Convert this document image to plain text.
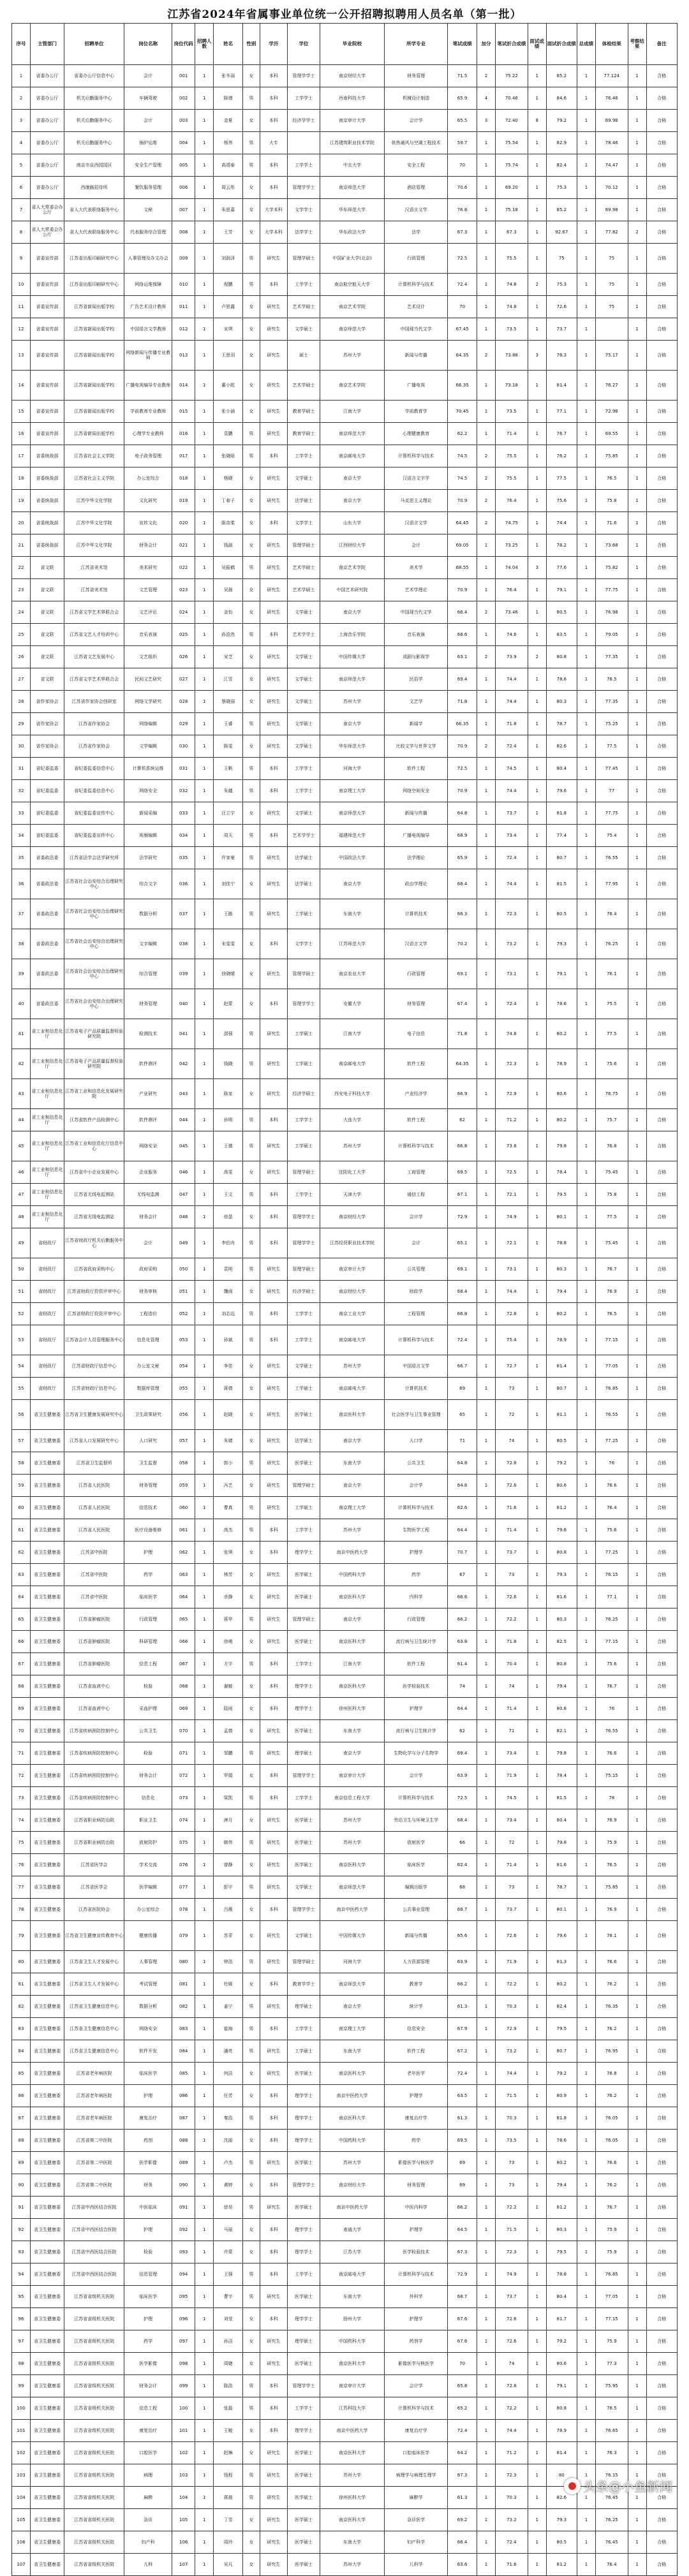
江苏省2024年省属事业单位统一公开招聘拟聘用人员名单（第一批）
序号	主管部门	招聘单位	岗位名称	岗位代码	招聘人数	姓名	性别	学历	学位	毕业院校	所学专业	笔试成绩	加分	笔试折合成绩	面试成绩	面试折合成绩	总成绩	体检结果	考察结果	备注
1	省委办公厅	省委办公厅信息中心	会计	001	1	张冬丽	女	本科	管理学学士	南京财经大学	财务管理	71.5	2	75.22	1	85.2	1	77.124	1	合格
2	省委办公厅	机关后勤服务中心	车辆驾驶	002	1	陈增	男	本科	工学学士	西南科技大学	机械设计制造	65.9	4	70.46	1	84.6	1	76.46	1	合格
3	省委办公厅	机关后勤服务中心	会计	003	1	金夏	女	本科	经济学学士	南京审计大学	会计学	65.5	3	72.40	8	79.2	1	69.98	1	合格
4	省委办公厅	机关后勤服务中心	锅炉运维	004	1	杨伟	男	大专		江苏建筑职业技术学院	供热通风与空调工程技术	59.7	1	75.54	1	82.9	1	78.46	1	合格
5	省委办公厅	南京市京西园园区	安全生产管理	005	1	高靖泰	男	本科	工学学士	中北大学	安全工程	70	1	75.74	1	82.4	1	74.47	1	合格
6	省委办公厅	西康路招待所	餐饮服务管理	006	1	周云彤	女	本科	管理学学士	南京师范大学	酒店管理	70.6	1	69.20	1	75.3	1	70.12	1	合格
7	省人大常委会办公厅	省人大代表联络服务中心	文秘	007	1	朱思嘉	女	大学本科	文学学士	华东师范大学	汉语言文学	76.8	1	75.18	1	85.2	1	69.98	1	合格
8	省人大常委会办公厅	省人大代表联络服务中心	代表服务综合管理	008	1	王芳	女	大学本科	法学学士	华东政法大学	法学	67.3	1	67.3	1	92.67	1	77.82	2	合格
9	省委宣传部	江苏省出版印刷研究中心	人事管理及办文办会	009	1	刘润泽	男	研究生	管理学硕士	中国矿业大学(北京)	行政管理	72.5	1	75.5	1	75	1	75	1	合格
10	省委宣传部	江苏省出版印刷研究中心	网络运维保障	010	1	倪鹏	男	本科	工学学士	南京航空航天大学	计算机科学与技术	72.4	1	74.8	2	75.3	1	75	1	合格
11	省委宣传部	江苏省新闻出版学校	广告艺术设计教师	011	1	卢思露	女	研究生	艺术学硕士	南京艺术学院	艺术设计	70	1	74.8	1	72.6	1	75	1	合格
12	省委宣传部	江苏省新闻出版学校	中国语言文学教师	012	1	宋琪	女	研究生	文学硕士	南京师范大学	中国现当代文学	67.45	1	73.5	1	73.7	1		1	合格
13	省委宣传部	江苏省新闻出版学校	网络新闻与传播专业教师	013	1	王思羽	女	研究生	硕士	苏州大学	新闻与传播	64.35	2	73.86	3	76.3	1	75.17	1	合格
14	省委宣传部	江苏省新闻出版学校	广播电视编导专业教师	014	1	董小欧	女	研究生	艺术学硕士	南京艺术学院	广播电视	66.35	1	73.18	1	81.4	1	76.27	1	合格
15	省委宣传部	江苏省新闻出版学校	学前教育专业教师	015	1	张小涵	女	研究生	教育学硕士	江南大学	学前教育学	70.45	1	73.5	1	77.1	1	72.98	1	合格
16	省委宣传部	江苏省新闻出版学校	心理学专业教师	016	1	袁鹏	男	研究生	教育学硕士	南京师范大学	心理健康教育	62.2	1	71.4	1	76.7	1	69.55	1	合格
17	省委统战部	江苏省社会主义学院	电子政务管理	017	1	张晓晗	男	本科	工学学士	南京邮电大学	计算机科学与技术	74.5	2	75.5	1	76.2	1	75.85	1	合格
18	省委统战部	江苏省社会主义学院	办公室综合	018	1	杨晓	女	研究生	文学硕士	南京大学	汉语言文字学	74.5	2	75.5	1	77.5	1	76.5	1	合格
19	省委统战部	江苏中华文化学院	文化研究	019	1	丁春子	女	研究生	法学硕士	南京大学	马克思主义理论	70.9	2	76.4	1	75.6	1	75.8	1	合格
20	省委统战部	江苏中华文化学院	宣传文化	020	1	陈彦柔	女	本科	文学学士	山东大学	汉语言文学	64.45	2	74.75	1	74.4	1	71.6	1	合格
21	省委统战部	江苏中华文化学院	财务会计	021	1	钱淑	女	研究生	管理学硕士	江西财经大学	会计	69.05	1	73.25	1	78.2	1	73.68	1	合格
22	省文联	江苏省美术馆	美术研究	022	1	吴振鹤	男	研究生	艺术学硕士	南京艺术学院	美术学	68.55	1	74.04	3	77.6	1	75.82	1	合格
23	省文联	江苏省美术馆	文艺管理	023	1	吴晨	女	研究生	艺术学硕士	中国艺术研究院	艺术学理论	70.9	1	76.4	1	79.1	1	77.75	1	合格
24	省文联	江苏省文学艺术界联合会	文艺评论	024	1	金怡	女	研究生	文学硕士	南京大学	中国现当代文学	66.4	2	73.46	1	80.5	1	76.98	1	合格
25	省文联	江苏省文艺人才培训中心	音乐表演	025	1	孙浩然	男	本科	艺术学学士	上海音乐学院	音乐表演	68.6	1	74.6	1	83.5	1	79.05	1	合格
26	省文联	江苏省文艺发展中心	文艺组织	026	1	宋芝	女	研究生	文学硕士	中国传媒大学	戏剧与影视学	63.1	2	73.9	2	80.8	1	77.35	1	合格
27	省文联	江苏省文学艺术界联合会	民间文艺研究	027	1	江雪	女	研究生	文学硕士	南京师范大学	民俗学	69.4	1	74.4	1	78.6	1	76.5	1	合格
28	省作家协会	江苏省作家协会创研室	网络文学研究	028	1	蔡晓丽	女	研究生	文学硕士	苏州大学	文艺学	71.8	1	74.4	1	80.3	1	77.35	1	合格
29	省作家协会	江苏省作家协会	网络编辑	029	1	王睿	男	研究生	文学硕士	南京大学	新闻学	66.35	1	71.8	1	78.7	1	75.25	1	合格
30	省作家协会	江苏省作家协会	文学编辑	030	1	陈雯	女	研究生	文学硕士	华东师范大学	比较文学与世界文学	70.9	2	72.4	1	82.6	1	77.5	1	合格
31	省纪委监委	省纪委监委信息中心	计算机系统运维	031	1	王帆	男	本科	工学学士	河海大学	软件工程	72.5	1	74.5	1	80.4	1	77.45	1	合格
32	省纪委监委	省纪委监委信息中心	网络安全	032	1	朱越	男	本科	工学学士	南京理工大学	网络空间安全	70.9	1	74.4	1	79.6	1	77	1	合格
33	省纪委监委	省纪委监委宣传中心	新闻采编	033	1	汪立宇	女	研究生	文学硕士	南京师范大学	新闻与传播	64.8	1	73.7	1	81.8	1	77.75	1	合格
34	省纪委监委	省纪委监委宣传中心	视频编辑	034	1	周天	男	本科	艺术学学士	福建师范大学	广播电视编导	68.9	1	73.4	1	77.4	1	75.4	1	合格
35	省委政法委	江苏省法学会法学研究所	法学研究	035	1	许家豪	男	研究生	法学硕士	中国政法大学	法学理论	65.9	1	72.4	1	80.7	1	76.55	1	合格
36	省委政法委	江苏省社会治安综合治理研究中心	综合文字	036	1	刘佳宁	女	研究生	法学硕士	南京大学	政治学理论	68.4	1	74.4	1	81.5	1	77.95	1	合格
37	省委政法委	江苏省社会治安综合治理研究中心	数据分析	037	1	王路	男	研究生	工学硕士	东南大学	计算机技术	66.3	1	72.3	1	80.5	1	76.4	1	合格
38	省委政法委	江苏省社会治安综合治理研究中心	文字编辑	038	1	宋雯雯	女	本科	文学学士	江苏师范大学	汉语言文学	70.2	1	73.2	1	79.3	1	76.25	1	合格
39	省委政法委	江苏省社会治安综合治理研究中心	综合管理	039	1	徐晓晴	女	研究生	管理学硕士	南京农业大学	行政管理	69.1	1	73.1	1	79.1	1	76.1	1	合格
40	省委政法委	江苏省社会治安综合治理研究中心	财务管理	040	1	赵蒙	女	本科	管理学学士	安徽大学	财务管理	67.4	1	72.4	1	78.6	1	75.5	1	合格
41	省工业和信息化厅	江苏省电子产品质量监督检验研究院	检测技术	041	1	邵强	男	研究生	工学硕士	江南大学	电子信息	71.8	1	74.8	1	80.2	1	77.5	1	合格
42	省工业和信息化厅	江苏省电子产品质量监督检验研究院	软件测评	042	1	钱晓	男	研究生	工学硕士	南京邮电大学	软件工程	64.35	1	72.3	1	78.9	1	75.6	1	合格
43	省工业和信息化厅	江苏省工业和信息化发展研究院	产业研究	043	1	陈家	女	研究生	经济学硕士	西安电子科技大学	产业经济学	66.9	1	72.9	1	80.6	1	76.75	1	合格
44	省工业和信息化厅	江苏省软件产品检测中心	软件测评	044	1	孙明	男	本科	工学学士	大连大学	软件工程	62	1	71.2	1	80.2	1	75.7	1	合格
45	省工业和信息化厅	江苏省工业和信息化厅信息中心	网络安全	045	1	王德	男	研究生	工学硕士	苏州大学	计算机科学与技术	66.8	1	73.8	1	79.8	1	76.8	1	合格
46	省工业和信息化厅	江苏省中小企业发展中心	企业服务	046	1	高雯	女	研究生	管理学硕士	沈阳化工大学	工商管理	69.5	1	72.5	1	78.4	1	75.45	1	合格
47	省工业和信息化厅	江苏省无线电监测站	无线电监测	047	1	王文	男	本科	工学学士	天津大学	通信工程	67.1	1	72.1	1	79.5	1	75.8	1	合格
48	省工业和信息化厅	江苏省无线电监测站	财务会计	048	1	徐盈	女	本科	管理学学士	南京财经大学	会计学	72.9	1	74.9	1	80.1	1	77.5	1	合格
49	省财政厅	江苏省财政厅机关后勤服务中心	会计	049	1	李伯舟	男	本科	管理学学士	江苏经贸职业技术学院	会计	65.1	1	72.1	1	78.8	1	75.45	1	合格
50	省财政厅	江苏省政府采购中心	政府采购	050	1	袁明	男	研究生	管理学硕士	南京审计大学	公共管理	69.1	1	73.1	1	80.3	1	76.7	1	合格
51	省财政厅	江苏省财政厅投资评审中心	财务审核	051	1	魏雨	女	研究生	经济学硕士	南京财经大学	财政学	68.4	1	74.4	1	79.4	1	76.9	1	合格
52	省财政厅	江苏省财政厅投资评审中心	工程造价	052	1	刘志远	男	本科	工学学士	南京工业大学	工程管理	66.8	1	72.8	1	80.2	1	76.5	1	合格
53	省财政厅	江苏省会计人员管理服务中心	信息化管理	053	1	孙斌	男	本科	工学学士	南京邮电大学	计算机科学与技术	72.4	1	75.4	1	78.9	1	77.15	1	合格
54	省财政厅	江苏省财政厅信息中心	办公室文秘	054	1	李佳	女	研究生	文学硕士	苏州大学	中国语言文学	66.7	1	72.7	1	81.4	1	77.05	1	合格
55	省财政厅	江苏省财政厅信息中心	数据库管理	055	1	蒋倩	女	研究生	工学硕士	南京邮电大学	计算机技术	69	1	73	1	80.7	1	76.85	1	合格
56	省卫生健康委	江苏省卫生健康发展研究中心	卫生政策研究	056	1	赵晓	女	研究生	医学硕士	南京医科大学	社会医学与卫生事业管理	65	1	72	1	81.1	1	76.55	1	合格
57	省卫生健康委	江苏省人口发展研究中心	人口研究	057	1	朱婧	女	研究生	法学硕士	南京大学	人口学	71	1	74	1	80.5	1	77.25	1	合格
58	省卫生健康委	江苏省卫生监督所	卫生监督	058	1	郭小	男	研究生	医学硕士	东南大学	公共卫生	64.8	1	72.8	1	79.2	1	76	1	合格
59	省卫生健康委	江苏省人民医院	财务管理	059	1	冯艺	女	研究生	管理学硕士	南京大学	会计学	64.6	1	72.6	1	80.6	1	76.6	1	合格
60	省卫生健康委	江苏省人民医院	信息技术	060	1	曹真	男	研究生	工学硕士	南京理工大学	计算机科学与技术	62.6	1	71.6	1	81.2	1	76.4	1	合格
61	省卫生健康委	江苏省人民医院	医疗设备维修	061	1	高杰	男	本科	工学学士	苏州大学	生物医学工程	64.4	1	71.4	1	79.8	1	75.6	1	合格
62	省卫生健康委	江苏省中医院	护理	062	1	张琪	女	本科	理学学士	南京中医药大学	护理学	70.7	1	73.7	1	80.8	1	77.25	1	合格
63	省卫生健康委	江苏省中医院	药学	063	1	林芳	女	研究生	医学硕士	中国药科大学	药学	67	1	73	1	79.3	1	76.15	1	合格
64	省卫生健康委	江苏省中医院	临床医学	064	1	余静	女	研究生	医学硕士	南京医科大学	内科学	66.6	1	72.6	1	81.6	1	77.1	1	合格
65	省卫生健康委	江苏省肿瘤医院	行政管理	065	1	蒋华	男	研究生	管理学硕士	南京大学	行政管理	66.2	1	72.2	1	80.3	1	76.25	1	合格
66	省卫生健康委	江苏省肿瘤医院	科研管理	066	1	徐萌	女	研究生	医学硕士	南京医科大学	流行病与卫生统计学	63.8	1	71.8	1	82.5	1	77.15	1	合格
67	省卫生健康委	江苏省肿瘤医院	信息工程	067	1	方宇	男	本科	工学学士	江南大学	软件工程	61.4	1	70.4	1	80.8	1	75.6	1	合格
68	省卫生健康委	江苏省血液中心	检验	068	1	谢敏	女	本科	理学学士	南京医科大学	医学检验技术	74	1	74	1	79.4	1	76.7	1	合格
69	省卫生健康委	江苏省血液中心	采血护理	069	1	陆雨	女	本科	理学学士	徐州医科大学	护理学	64.4	1	71.4	1	80.6	1	76	1	合格
70	省卫生健康委	江苏省疾病预防控制中心	公共卫生	070	1	孟倩	女	研究生	医学硕士	东南大学	流行病与卫生统计学	62	1	71	1	82.1	1	76.55	1	合格
71	省卫生健康委	江苏省疾病预防控制中心	检验	071	1	邹鹏	男	研究生	理学硕士	南京大学	生物化学与分子生物学	69.4	1	73.4	1	79.8	1	76.6	1	合格
72	省卫生健康委	江苏省疾病预防控制中心	财务会计	072	1	罗娟	女	本科	管理学学士	南京审计大学	会计学	63.9	1	71.9	1	78.4	1	75.15	1	合格
73	省卫生健康委	江苏省疾病预防控制中心	信息化	073	1	梁凯	男	本科	工学学士	南京信息工程大学	计算机科学与技术	72.5	1	74.5	1	81.5	1	78	1	合格
74	省卫生健康委	江苏省职业病防治院	职业卫生	074	1	唐月	女	研究生	医学硕士	苏州大学	劳动卫生与环境卫生学	68.4	1	73.4	1	80.4	1	76.9	1	合格
75	省卫生健康委	江苏省职业病防治院	放射防护	075	1	韩伟	男	研究生	医学硕士	苏州大学	放射医学	66	1	72	1	79.8	1	75.9	1	合格
76	省卫生健康委	江苏省医学会	学术交流	076	1	曾静	女	研究生	医学硕士	南京医科大学	临床医学	62.4	1	71.4	1	81.6	1	76.5	1	合格
77	省卫生健康委	江苏省医学会	医学编辑	077	1	彭宇	男	研究生	文学硕士	南京师范大学	编辑出版学	68	1	73	1	78.7	1	75.85	1	合格
78	省卫生健康委	江苏省医院协会	办公室综合	078	1	吕薇	女	本科	管理学学士	南京中医药大学	公共事业管理	68.7	1	73.7	1	80.1	1	76.9	1	合格
79	省卫生健康委	江苏省卫生健康宣传教育中心	健康传播	079	1	苏菲	女	研究生	文学硕士	中国传媒大学	新闻与传播	65.6	1	72.6	1	79.6	1	76.1	1	合格
80	省卫生健康委	江苏省卫生人才发展中心	人事管理	080	1	钟浩	男	研究生	管理学硕士	河海大学	人力资源管理	63.9	1	71.9	1	81.3	1	76.6	1	合格
81	省卫生健康委	江苏省卫生人才发展中心	考试管理	081	1	杜媛	女	本科	教育学学士	南京师范大学	教育学	66.2	1	72.2	1	80.2	1	76.2	1	合格
82	省卫生健康委	江苏省卫生健康信息中心	数据分析	082	1	姜宁	男	研究生	理学硕士	南京大学	统计学	61.3	1	70.3	1	82.4	1	76.35	1	合格
83	省卫生健康委	江苏省卫生健康信息中心	网络安全	083	1	崔海	男	本科	工学学士	南京理工大学	信息安全	67.9	1	72.9	1	79.5	1	76.2	1	合格
84	省卫生健康委	江苏省卫生健康信息中心	软件开发	084	1	潘亮	男	研究生	工学硕士	东南大学	软件工程	67.2	1	73.2	1	80.7	1	76.95	1	合格
85	省卫生健康委	江苏省老年病医院	临床医学	085	1	何洁	女	研究生	医学硕士	南京医科大学	老年医学	72.4	1	74.4	1	79.2	1	76.8	1	合格
86	省卫生健康委	江苏省老年病医院	护理	086	1	任芳	女	本科	理学学士	南京中医药大学	护理学	63.5	1	71.5	1	80.9	1	76.2	1	合格
87	省卫生健康委	江苏省老年病医院	康复治疗	087	1	秦浩	男	本科	理学学士	南京医科大学	康复治疗学	61.3	1	70.3	1	81.8	1	76.05	1	合格
88	省卫生健康委	江苏省第二中医院	药剂	088	1	沈丽	女	本科	理学学士	中国药科大学	药学	69.5	1	73.5	1	78.6	1	76.05	1	合格
89	省卫生健康委	江苏省第二中医院	医学影像	089	1	卢杰	男	研究生	医学硕士	苏州大学	影像医学与核医学	69	1	73	1	80.2	1	76.6	1	合格
90	省卫生健康委	江苏省第二中医院	财务	090	1	黄婷	女	本科	管理学学士	南京财经大学	财务管理	69	1	73	1	79.4	1	76.2	1	合格
91	省卫生健康委	江苏省中西医结合医院	中医临床	091	1	徐昊	男	研究生	医学硕士	南京中医药大学	中医内科学	66.2	1	72.2	1	81.2	1	76.7	1	合格
92	省卫生健康委	江苏省中西医结合医院	护理	092	1	马丽	女	本科	理学学士	南通大学	护理学	64.5	1	71.5	1	80.3	1	75.9	1	合格
93	省卫生健康委	江苏省中西医结合医院	检验	093	1	许蒙	女	本科	理学学士	江苏大学	医学检验技术	67.3	1	72.3	1	79.5	1	75.9	1	合格
94	省卫生健康委	江苏省中西医结合医院	信息管理	094	1	王强	男	本科	工学学士	南京邮电大学	计算机科学与技术	72.9	1	74.9	1	78.8	1	76.85	1	合格
95	省卫生健康委	江苏省省级机关医院	临床医学	095	1	曹宇	男	研究生	医学硕士	东南大学	外科学	68.7	1	73.7	1	80.4	1	77.05	1	合格
96	省卫生健康委	江苏省省级机关医院	护理	096	1	刘莹	女	本科	理学学士	扬州大学	护理学	67.6	1	72.6	1	81.7	1	77.15	1	合格
97	省卫生健康委	江苏省省级机关医院	药学	097	1	孙洁	女	研究生	理学硕士	中国药科大学	药剂学	67.6	1	72.6	1	79.2	1	75.9	1	合格
98	省卫生健康委	江苏省省级机关医院	医学影像	098	1	周婕	女	研究生	医学硕士	南京医科大学	影像医学与核医学	70	1	74	1	80.6	1	77.3	1	合格
99	省卫生健康委	江苏省省级机关医院	财务会计	099	1	陈浩	男	本科	管理学学士	南京审计大学	会计学	65.8	1	72.8	1	79.1	1	75.95	1	合格
100	省卫生健康委	江苏省省级机关医院	信息工程	100	1	张磊	男	本科	工学学士	江苏科技大学	计算机科学与技术	65.2	1	72.2	1	80.8	1	76.5	1	合格
101	省卫生健康委	江苏省省级机关医院	康复治疗	101	1	王敏	女	本科	理学学士	南京中医药大学	康复治疗学	72.4	1	74.4	1	78.9	1	76.65	1	合格
102	省卫生健康委	江苏省省级机关医院	口腔医学	102	1	赵琳	女	研究生	医学硕士	南京医科大学	口腔临床医学	64.2	1	71.2	1	81.4	1	76.3	1	合格
103	省卫生健康委	江苏省省级机关医院	病理	103	1	钱程	男	研究生	医学硕士	苏州大学	病理学与病理生理学	67.3	1	72.3	1	80	1	76.15	1	合格
104	省卫生健康委	江苏省省级机关医院	麻醉	104	1	蒋晨	男	研究生	医学硕士	徐州医科大学	麻醉学	61.3	1	70.3	1	82.6	1	76.45	1	合格
105	省卫生健康委	江苏省省级机关医院	急诊	105	1	丁雪	女	研究生	医学硕士	南京医科大学	急诊医学	69.2	1	73.2	1	79.3	1	76.25	1	合格
106	省卫生健康委	江苏省省级机关医院	妇产科	106	1	周玲	女	研究生	医学硕士	东南大学	妇产科学	66.4	1	72.4	1	80.5	1	76.45	1	合格
107	省卫生健康委	江苏省省级机关医院	儿科	107	1	吴凡	女	研究生	医学硕士	苏州大学	儿科学	63.6	1	71.6	1	81.2	1	76.4	1	合格
头条@小鱼新闻
